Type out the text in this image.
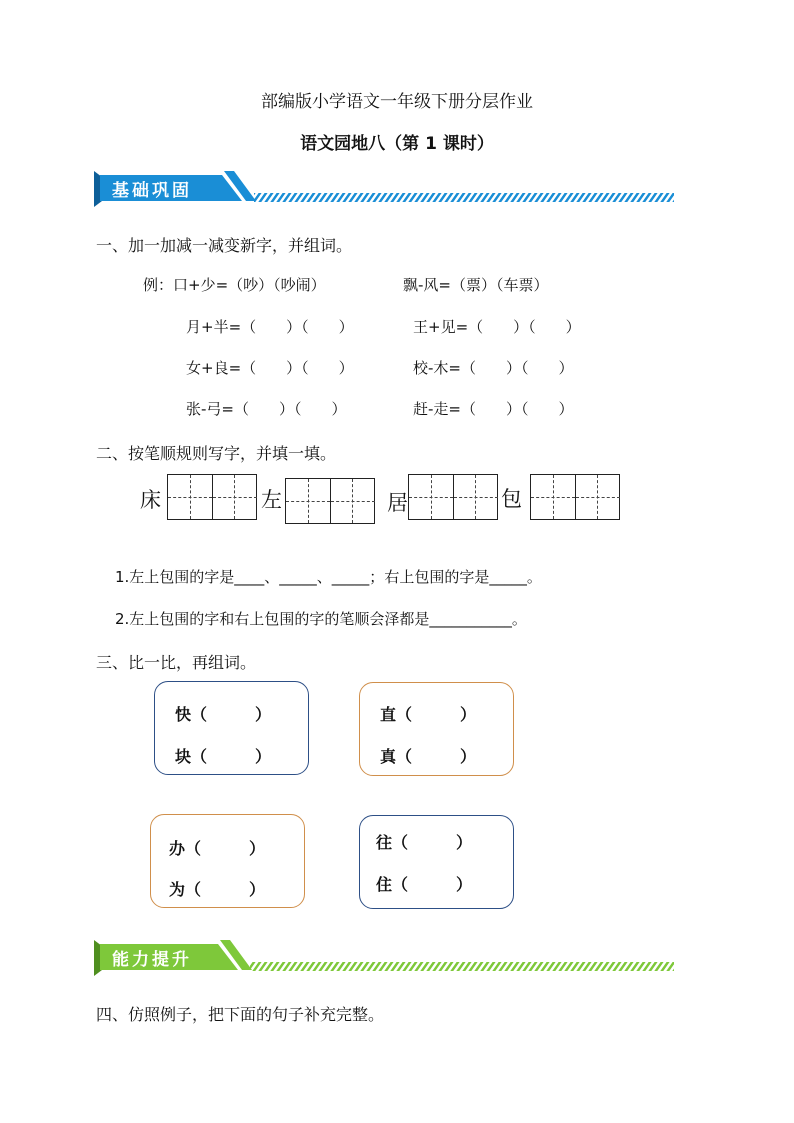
部编版小学语文一年级下册分层作业
语文园地八（第 1 课时）
基础巩固
一、加一加减一减变新字，并组词。
例：口+少=（吵）（吵闹）	飘-风=（票）（车票）
月+半=（　　）（　　）	王+见=（　　）（　　）
女+良=（　　）（　　）	校-木=（　　）（　　）
张-弓=（　　）（　　）	赶-走=（　　）（　　）
二、按笔顺规则写字，并填一填。
床	左	居	包
1.左上包围的字是____、_____、_____；右上包围的字是_____。
2.左上包围的字和右上包围的字的笔顺会泽都是___________。
三、比一比，再组词。
快（　　　）
块（　　　）
直（　　　）
真（　　　）
办（　　　）
为（　　　）
往（　　　）
住（　　　）
能力提升
四、仿照例子，把下面的句子补充完整。
